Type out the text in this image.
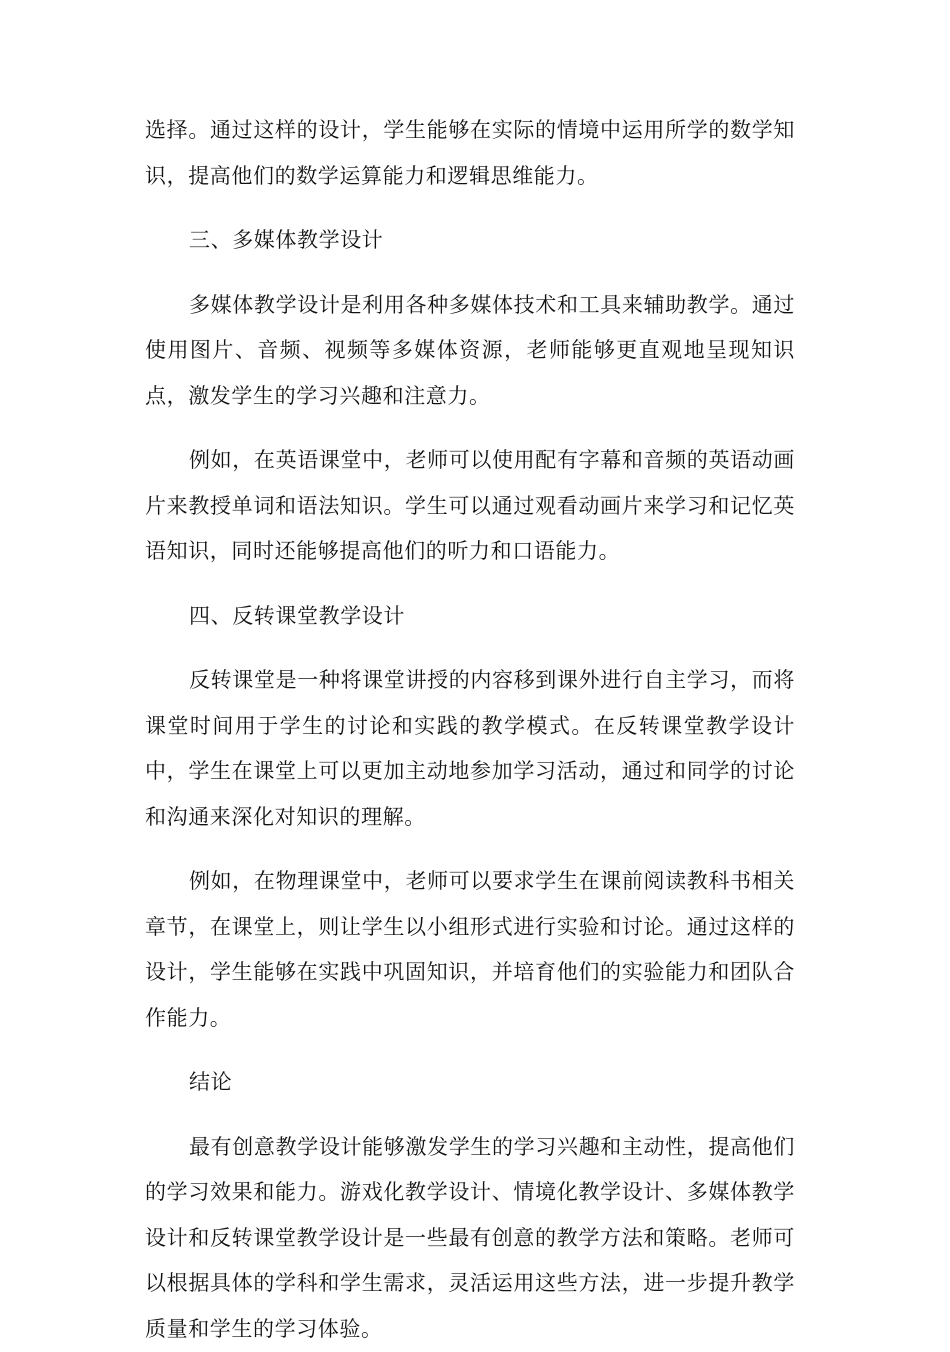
选择。通过这样的设计，学生能够在实际的情境中运用所学的数学知识，提高他们的数学运算能力和逻辑思维能力。

三、多媒体教学设计

多媒体教学设计是利用各种多媒体技术和工具来辅助教学。通过使用图片、音频、视频等多媒体资源，老师能够更直观地呈现知识点，激发学生的学习兴趣和注意力。

例如，在英语课堂中，老师可以使用配有字幕和音频的英语动画片来教授单词和语法知识。学生可以通过观看动画片来学习和记忆英语知识，同时还能够提高他们的听力和口语能力。

四、反转课堂教学设计

反转课堂是一种将课堂讲授的内容移到课外进行自主学习，而将课堂时间用于学生的讨论和实践的教学模式。在反转课堂教学设计中，学生在课堂上可以更加主动地参加学习活动，通过和同学的讨论和沟通来深化对知识的理解。

例如，在物理课堂中，老师可以要求学生在课前阅读教科书相关章节，在课堂上，则让学生以小组形式进行实验和讨论。通过这样的设计，学生能够在实践中巩固知识，并培育他们的实验能力和团队合作能力。

结论

最有创意教学设计能够激发学生的学习兴趣和主动性，提高他们的学习效果和能力。游戏化教学设计、情境化教学设计、多媒体教学设计和反转课堂教学设计是一些最有创意的教学方法和策略。老师可以根据具体的学科和学生需求，灵活运用这些方法，进一步提升教学质量和学生的学习体验。
